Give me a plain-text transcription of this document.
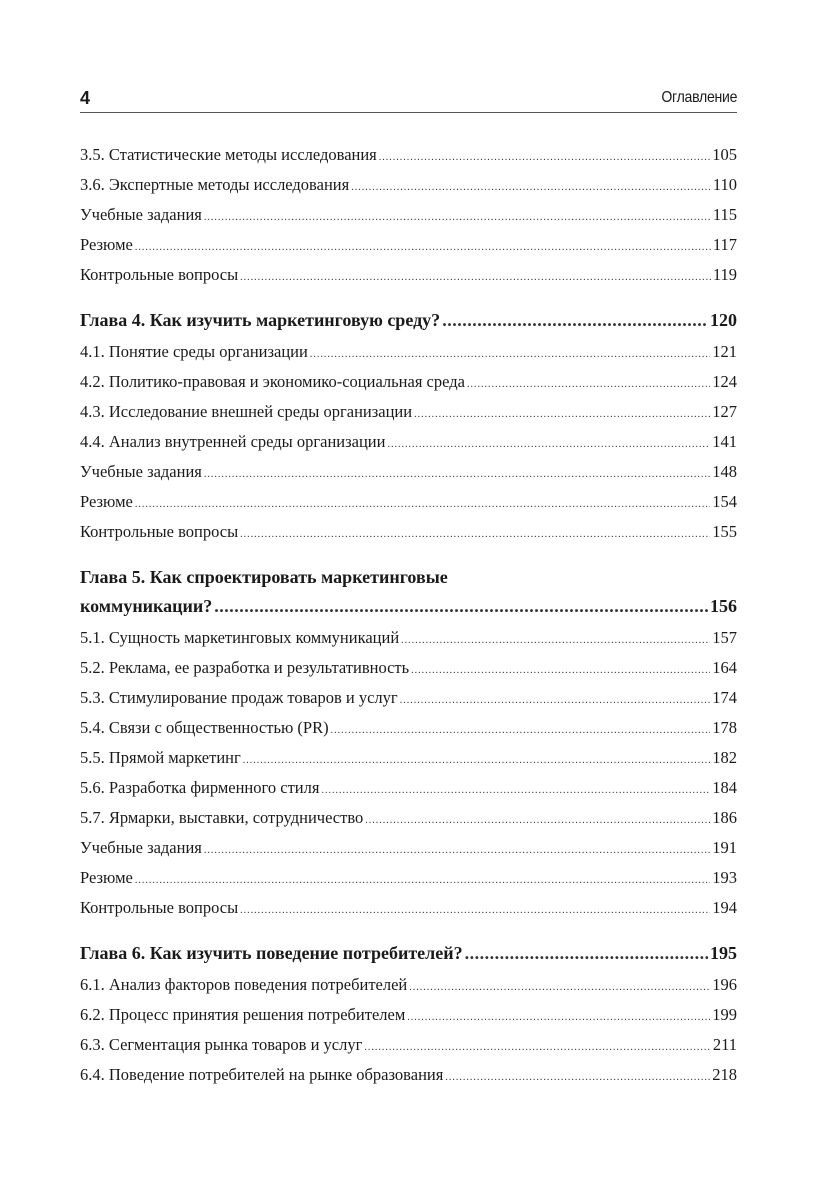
4	Оглавление
3.5. Статистические методы исследования .....	105
3.6. Экспертные методы исследования .....	110
Учебные задания .....	115
Резюме .....	117
Контрольные вопросы .....	119
Глава 4. Как изучить маркетинговую среду? .....	120
4.1. Понятие среды организации .....	121
4.2. Политико-правовая и экономико-социальная среда .....	124
4.3. Исследование внешней среды организации .....	127
4.4. Анализ внутренней среды организации .....	141
Учебные задания .....	148
Резюме .....	154
Контрольные вопросы .....	155
Глава 5. Как спроектировать маркетинговые
коммуникации? .....	156
5.1. Сущность маркетинговых коммуникаций .....	157
5.2. Реклама, ее разработка и результативность .....	164
5.3. Стимулирование продаж товаров и услуг .....	174
5.4. Связи с общественностью (PR) .....	178
5.5. Прямой маркетинг .....	182
5.6. Разработка фирменного стиля .....	184
5.7. Ярмарки, выставки, сотрудничество .....	186
Учебные задания .....	191
Резюме .....	193
Контрольные вопросы .....	194
Глава 6. Как изучить поведение потребителей? .....	195
6.1. Анализ факторов поведения потребителей .....	196
6.2. Процесс принятия решения потребителем .....	199
6.3. Сегментация рынка товаров и услуг .....	211
6.4. Поведение потребителей на рынке образования .....	218
